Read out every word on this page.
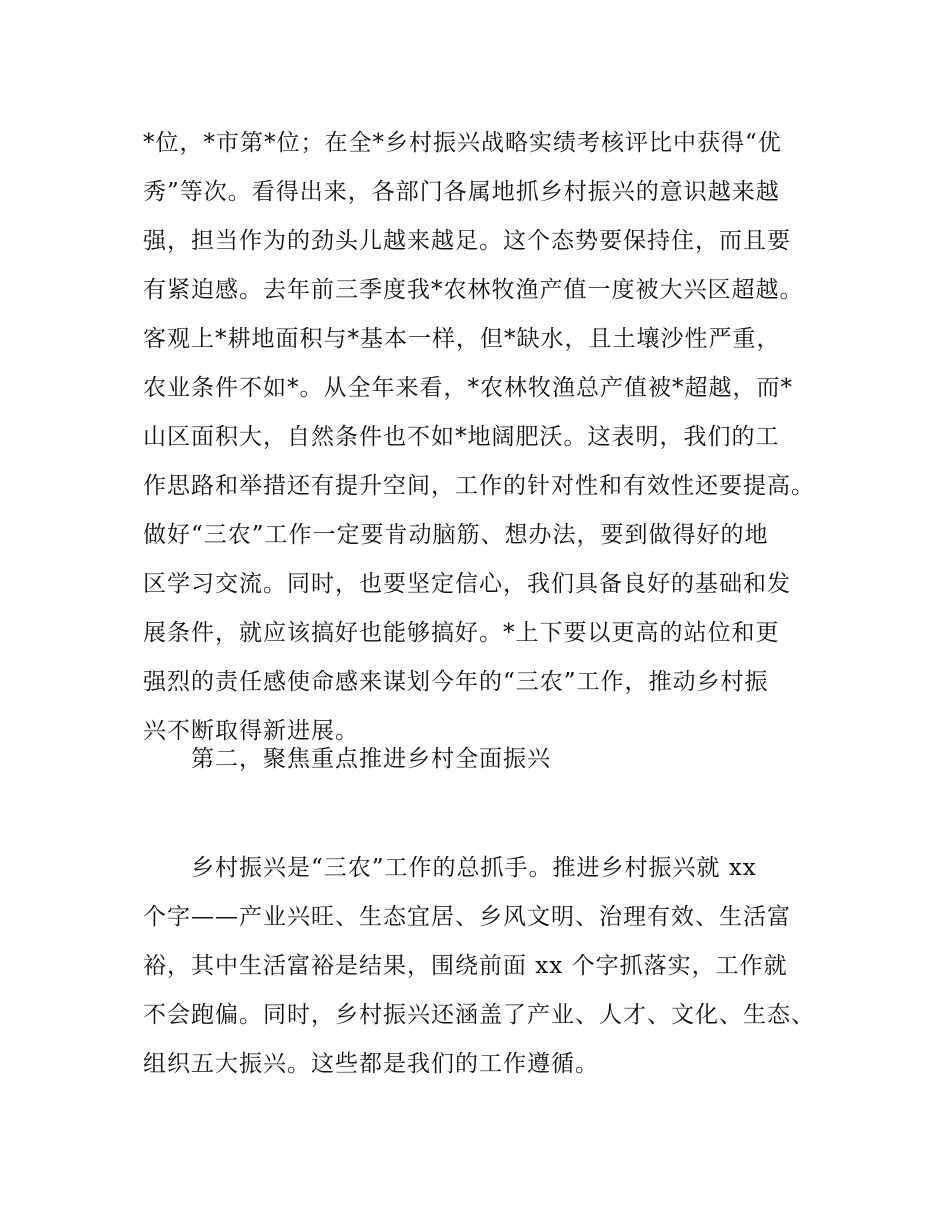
*位，*市第*位；在全*乡村振兴战略实绩考核评比中获得“优
秀”等次。看得出来，各部门各属地抓乡村振兴的意识越来越
强，担当作为的劲头儿越来越足。这个态势要保持住，而且要
有紧迫感。去年前三季度我*农林牧渔产值一度被大兴区超越。
客观上*耕地面积与*基本一样，但*缺水，且土壤沙性严重，
农业条件不如*。从全年来看，*农林牧渔总产值被*超越，而*
山区面积大，自然条件也不如*地阔肥沃。这表明，我们的工
作思路和举措还有提升空间，工作的针对性和有效性还要提高。
做好“三农”工作一定要肯动脑筋、想办法，要到做得好的地
区学习交流。同时，也要坚定信心，我们具备良好的基础和发
展条件，就应该搞好也能够搞好。*上下要以更高的站位和更
强烈的责任感使命感来谋划今年的“三农”工作，推动乡村振
兴不断取得新进展。
第二，聚焦重点推进乡村全面振兴
乡村振兴是“三农”工作的总抓手。推进乡村振兴就 xx
个字——产业兴旺、生态宜居、乡风文明、治理有效、生活富
裕，其中生活富裕是结果，围绕前面 xx 个字抓落实，工作就
不会跑偏。同时，乡村振兴还涵盖了产业、人才、文化、生态、
组织五大振兴。这些都是我们的工作遵循。
